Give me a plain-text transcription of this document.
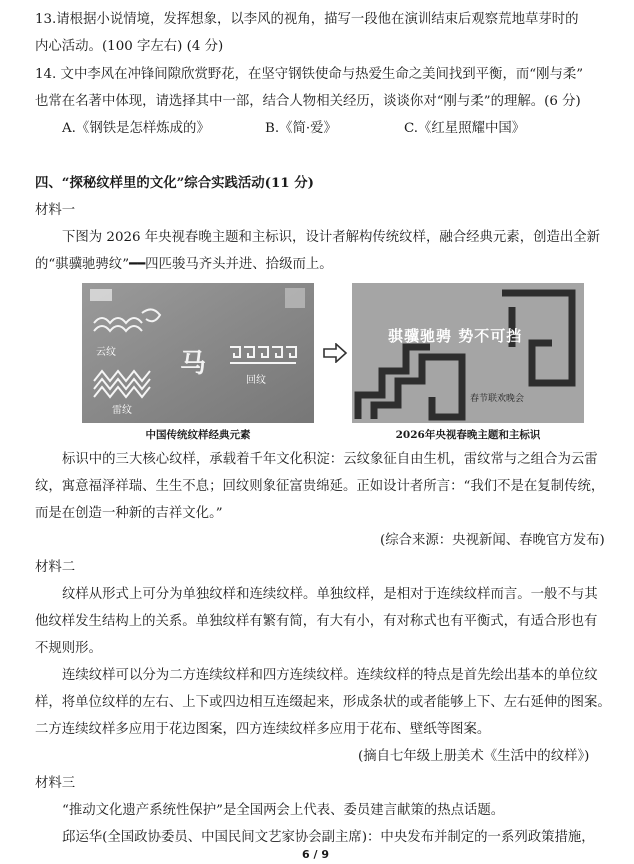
13.请根据小说情境，发挥想象，以李风的视角，描写一段他在演训结束后观察荒地草芽时的
内心活动。(100 字左右) (4 分)
14. 文中李风在冲锋间隙欣赏野花，在坚守钢铁使命与热爱生命之美间找到平衡，而“刚与柔”
也常在名著中体现，请选择其中一部，结合人物相关经历，谈谈你对“刚与柔”的理解。(6 分)
A.《钢铁是怎样炼成的》	B.《简·爱》	C.《红星照耀中国》
四、“探秘纹样里的文化”综合实践活动(11 分)
材料一
下图为 2026 年央视春晚主题和主标识，设计者解构传统纹样，融合经典元素，创造出全新
的“骐骥驰骋纹”━━四匹骏马齐头并进、拾级而上。
云纹
雷纹
马
回纹
骐骥驰骋 势不可挡
春节联欢晚会
中国传统纹样经典元素	2026年央视春晚主题和主标识
标识中的三大核心纹样，承载着千年文化积淀：云纹象征自由生机，雷纹常与之组合为云雷
纹，寓意福泽祥瑞、生生不息；回纹则象征富贵绵延。正如设计者所言：“我们不是在复制传统，
而是在创造一种新的吉祥文化。”
(综合来源：央视新闻、春晚官方发布)
材料二
纹样从形式上可分为单独纹样和连续纹样。单独纹样，是相对于连续纹样而言。一般不与其
他纹样发生结构上的关系。单独纹样有繁有简，有大有小，有对称式也有平衡式，有适合形也有
不规则形。
连续纹样可以分为二方连续纹样和四方连续纹样。连续纹样的特点是首先绘出基本的单位纹
样，将单位纹样的左右、上下或四边相互连缀起来，形成条状的或者能够上下、左右延伸的图案。
二方连续纹样多应用于花边图案，四方连续纹样多应用于花布、壁纸等图案。
(摘自七年级上册美术《生活中的纹样》)
材料三
“推动文化遗产系统性保护”是全国两会上代表、委员建言献策的热点话题。
邱运华(全国政协委员、中国民间文艺家协会副主席)：中央发布并制定的一系列政策措施，
6 / 9
